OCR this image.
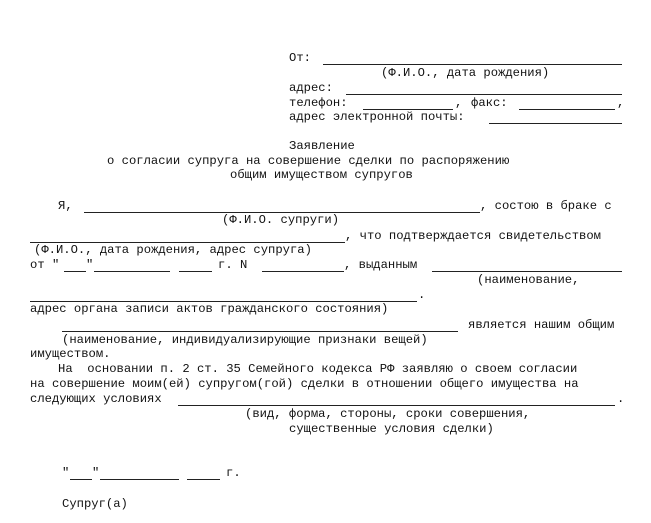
От:
(Ф.И.О., дата рождения)
адрес:
телефон:	, факс:	,
адрес электронной почты:
Заявление
о согласии супруга на совершение сделки по распоряжению
общим имуществом супругов
Я,	, состою в браке с
(Ф.И.О. супруги)
, что подтверждается свидетельством
(Ф.И.О., дата рождения, адрес супруга)
от " "	г. N	, выданным
(наименование,
.
адрес органа записи актов гражданского состояния)
является нашим общим
(наименование, индивидуализирующие признаки вещей)
имуществом.
На  основании п. 2 ст. 35 Семейного кодекса РФ заявляю о своем согласии
на совершение моим(ей) супругом(гой) сделки в отношении общего имущества на
следующих условиях	.
(вид, форма, стороны, сроки совершения,
существенные условия сделки)
" "	г.
Супруг(а)
